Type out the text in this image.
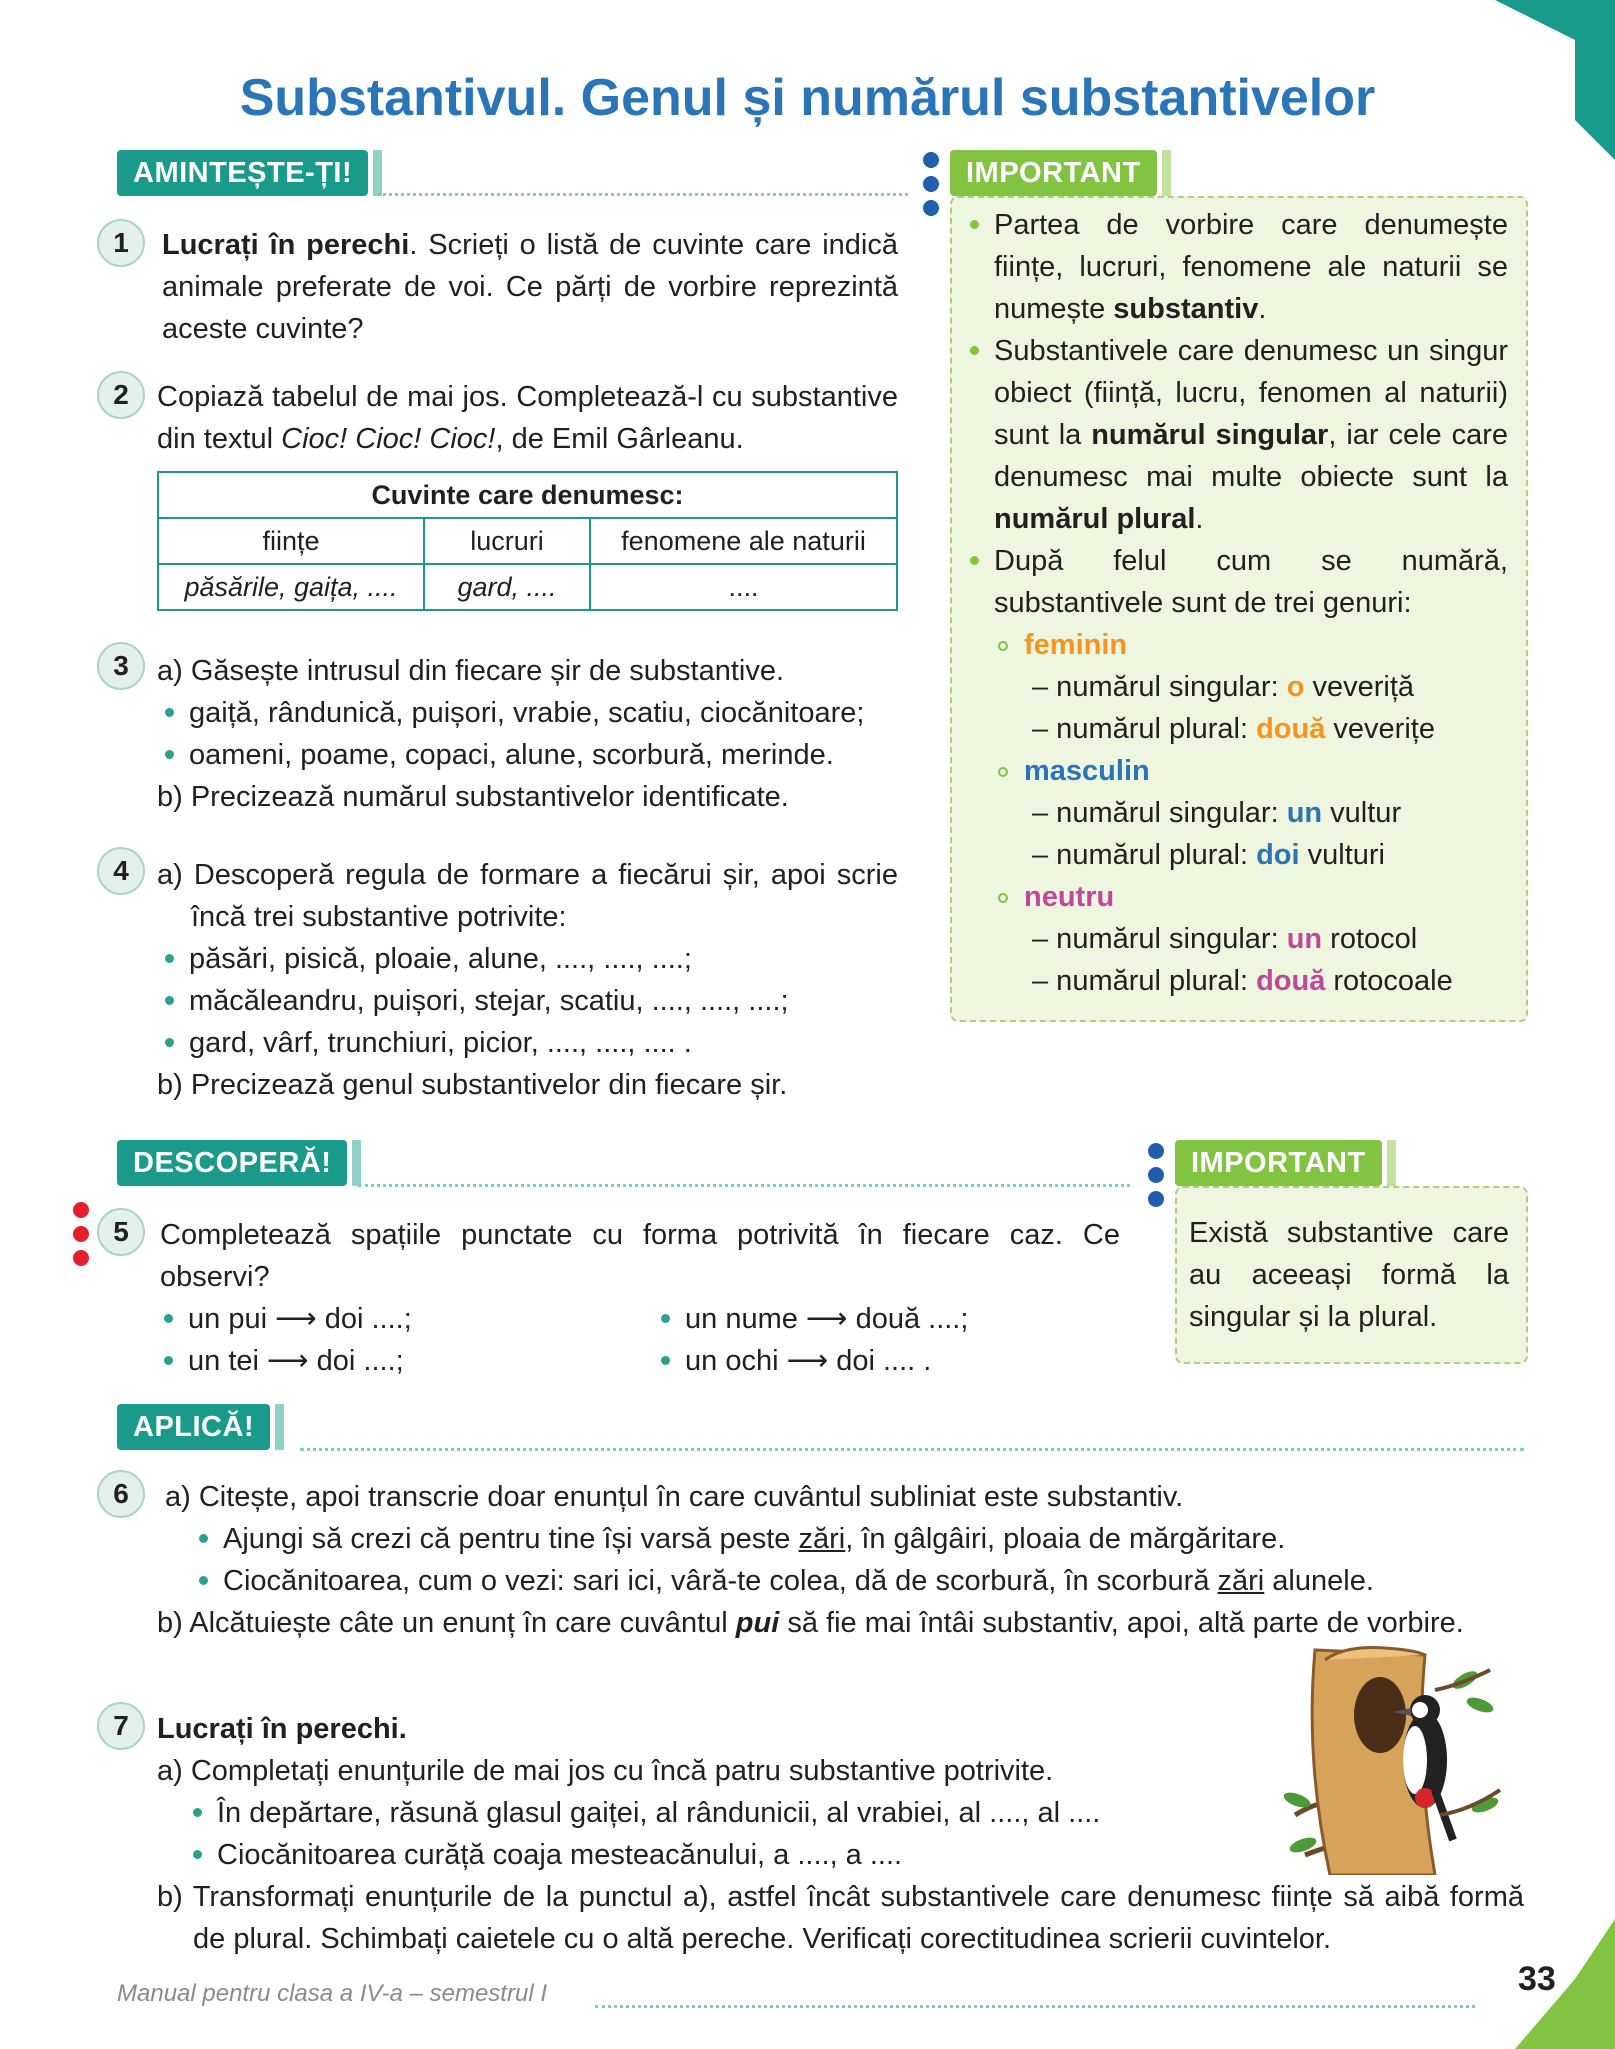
Substantivul. Genul și numărul substantivelor
AMINTEȘTE-ȚI!
1	Lucrați în perechi. Scrieți o listă de cuvinte care indică animale preferate de voi. Ce părți de vorbire reprezintă aceste cuvinte?
2 Copiază tabelul de mai jos. Completează-l cu substantive din textul Cioc! Cioc! Cioc!, de Emil Gârleanu.
Cuvinte care denumesc:		
ființe	lucruri	fenomene ale naturii
păsările, gaița, ....	gard, ....	....
3 a) Găsește intrusul din fiecare șir de substantive.
gaiță, rândunică, puișori, vrabie, scatiu, ciocănitoare;
oameni, poame, copaci, alune, scorbură, merinde.
b) Precizează numărul substantivelor identificate.
4 a) Descoperă regula de formare a fiecărui șir, apoi scrie încă trei substantive potrivite:
păsări, pisică, ploaie, alune, ...., ...., ....;
măcăleandru, puișori, stejar, scatiu, ...., ...., ....;
gard, vârf, trunchiuri, picior, ...., ...., .... .
b) Precizează genul substantivelor din fiecare șir.
IMPORTANT
Partea de vorbire care denumește ființe, lucruri, fenomene ale naturii se numește substantiv.
Substantivele care denumesc un singur obiect (ființă, lucru, fenomen al naturii) sunt la numărul singular, iar cele care denumesc mai multe obiecte sunt la numărul plural.
După felul cum se numără, substantivele sunt de trei genuri:
feminin
– numărul singular: o veveriță
– numărul plural: două veverițe
masculin
– numărul singular: un vultur
– numărul plural: doi vulturi
neutru
– numărul singular: un rotocol
– numărul plural: două rotocoale
DESCOPERĂ!
5	Completează spațiile punctate cu forma potrivită în fiecare caz. Ce observi?
un pui ⟶ doi ....;
un tei ⟶ doi ....;
un nume ⟶ două ....;
un ochi ⟶ doi .... .
IMPORTANT
Există substantive care au aceeași formă la singular și la plural.
APLICĂ!
6	a) Citește, apoi transcrie doar enunțul în care cuvântul subliniat este substantiv.
Ajungi să crezi că pentru tine își varsă peste zări, în gâlgâiri, ploaia de mărgăritare.
Ciocănitoarea, cum o vezi: sari ici, vâră-te colea, dă de scorbură, în scorbură zări alunele.
b) Alcătuiește câte un enunț în care cuvântul pui să fie mai întâi substantiv, apoi, altă parte de vorbire.
7 Lucrați în perechi.
a) Completați enunțurile de mai jos cu încă patru substantive potrivite.
În depărtare, răsună glasul gaiței, al rândunicii, al vrabiei, al ...., al ....
Ciocănitoarea curăță coaja mesteacănului, a ...., a ....
b) Transformați enunțurile de la punctul a), astfel încât substantivele care denumesc ființe să aibă formă de plural. Schimbați caietele cu o altă pereche. Verificați corectitudinea scrierii cuvintelor.
Manual pentru clasa a IV-a – semestrul I	33
